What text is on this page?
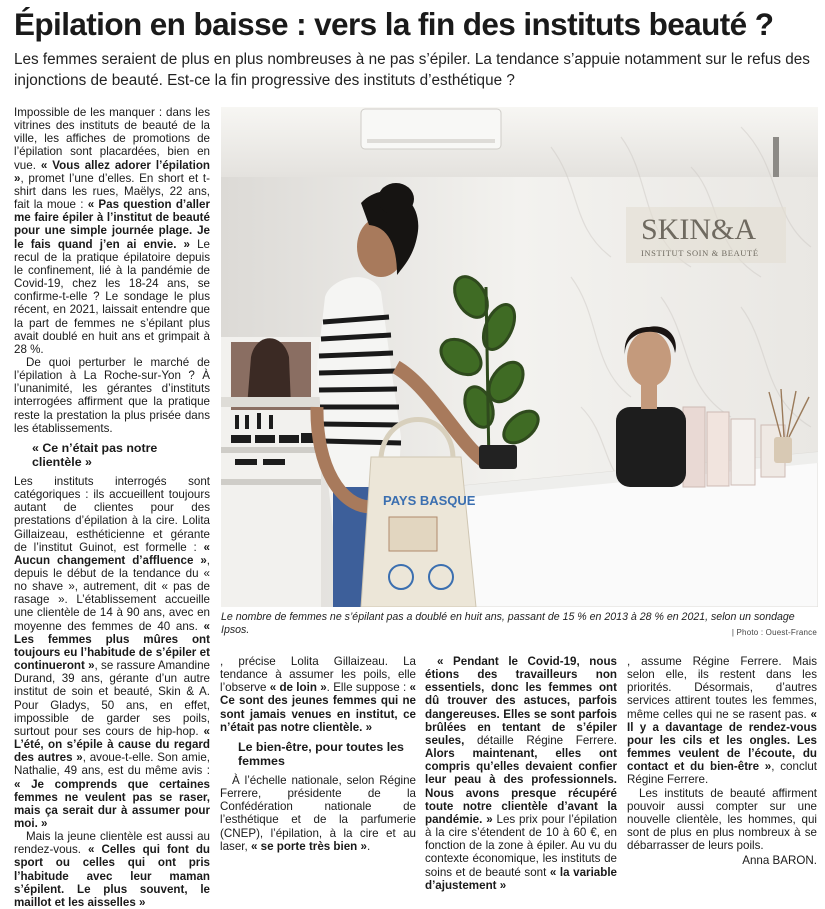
Épilation en baisse : vers la fin des instituts beauté ?
Les femmes seraient de plus en plus nombreuses à ne pas s’épiler. La tendance s’appuie notamment sur le refus des injonctions de beauté. Est-ce la fin progressive des instituts d’esthétique ?

Impossible de les manquer : dans les vitrines des instituts de beauté de la ville, les affiches de promotions de l’épilation sont placardées, bien en vue. « Vous allez adorer l’épilation », promet l’une d’elles. En short et t-shirt dans les rues, Maëlys, 22 ans, fait la moue : « Pas question d’aller me faire épiler à l’institut de beauté pour une simple journée plage. Je le fais quand j’en ai envie. » Le recul de la pratique épilatoire depuis le confinement, lié à la pandémie de Covid-19, chez les 18-24 ans, se confirme-t-elle ? Le sondage le plus récent, en 2021, laissait entendre que la part de femmes ne s’épilant plus avait doublé en huit ans et grimpait à 28 %.

De quoi perturber le marché de l’épilation à La Roche-sur-Yon ? À l’unanimité, les gérantes d’instituts interrogées affirment que la pratique reste la prestation la plus prisée dans les établissements.

« Ce n’était pas notre clientèle »

Les instituts interrogés sont catégoriques : ils accueillent toujours autant de clientes pour des prestations d’épilation à la cire. Lolita Gillaizeau, esthéticienne et gérante de l’institut Guinot, est formelle : « Aucun changement d’affluence », depuis le début de la tendance du « no shave », autrement, dit « pas de rasage ». L’établissement accueille une clientèle de 14 à 90 ans, avec en moyenne des femmes de 40 ans. « Les femmes plus mûres ont toujours eu l’habitude de s’épiler et continueront », se rassure Amandine Durand, 39 ans, gérante d’un autre institut de soin et beauté, Skin & A. Pour Gladys, 50 ans, en effet, impossible de garder ses poils, surtout pour ses cours de hip-hop. « L’été, on s’épile à cause du regard des autres », avoue-t-elle. Son amie, Nathalie, 49 ans, est du même avis : « Je comprends que certaines femmes ne veulent pas se raser, mais ça serait dur à assumer pour moi. »

Mais la jeune clientèle est aussi au rendez-vous. « Celles qui font du sport ou celles qui ont pris l’habitude avec leur maman s’épilent. Le plus souvent, le maillot et les aisselles »

, précise Lolita Gillaizeau. La tendance à assumer les poils, elle l’observe « de loin ». Elle suppose : « Ce sont des jeunes femmes qui ne sont jamais venues en institut, ce n’était pas notre clientèle. »

Le bien-être, pour toutes les femmes

À l’échelle nationale, selon Régine Ferrere, présidente de la Confédération nationale de l’esthétique et de la parfumerie (CNEP), l’épilation, à la cire et au laser, « se porte très bien ».

« Pendant le Covid-19, nous étions des travailleurs non essentiels, donc les femmes ont dû trouver des astuces, parfois dangereuses. Elles se sont parfois brûlées en tentant de s’épiler seules, détaille Régine Ferrere. Alors maintenant, elles ont compris qu’elles devaient confier leur peau à des professionnels. Nous avons presque récupéré toute notre clientèle d’avant la pandémie. » Les prix pour l’épilation à la cire s’étendent de 10 à 60 €, en fonction de la zone à épiler. Au vu du contexte économique, les instituts de soins et de beauté sont « la variable d’ajustement »

, assume Régine Ferrere. Mais selon elle, ils restent dans les priorités. Désormais, d’autres services attirent toutes les femmes, même celles qui ne se rasent pas. « Il y a davantage de rendez-vous pour les cils et les ongles. Les femmes veulent de l’écoute, du contact et du bien-être », conclut Régine Ferrere.

Les instituts de beauté affirment pouvoir aussi compter sur une nouvelle clientèle, les hommes, qui sont de plus en plus nombreux à se débarrasser de leurs poils.

Anna BARON.
SKIN&A
INSTITUT SOIN & BEAUTÉ
PAYS BASQUE
Le nombre de femmes ne s’épilant pas a doublé en huit ans, passant de 15 % en 2013 à 28 % en 2021, selon un sondage Ipsos.	| Photo : Ouest-France
